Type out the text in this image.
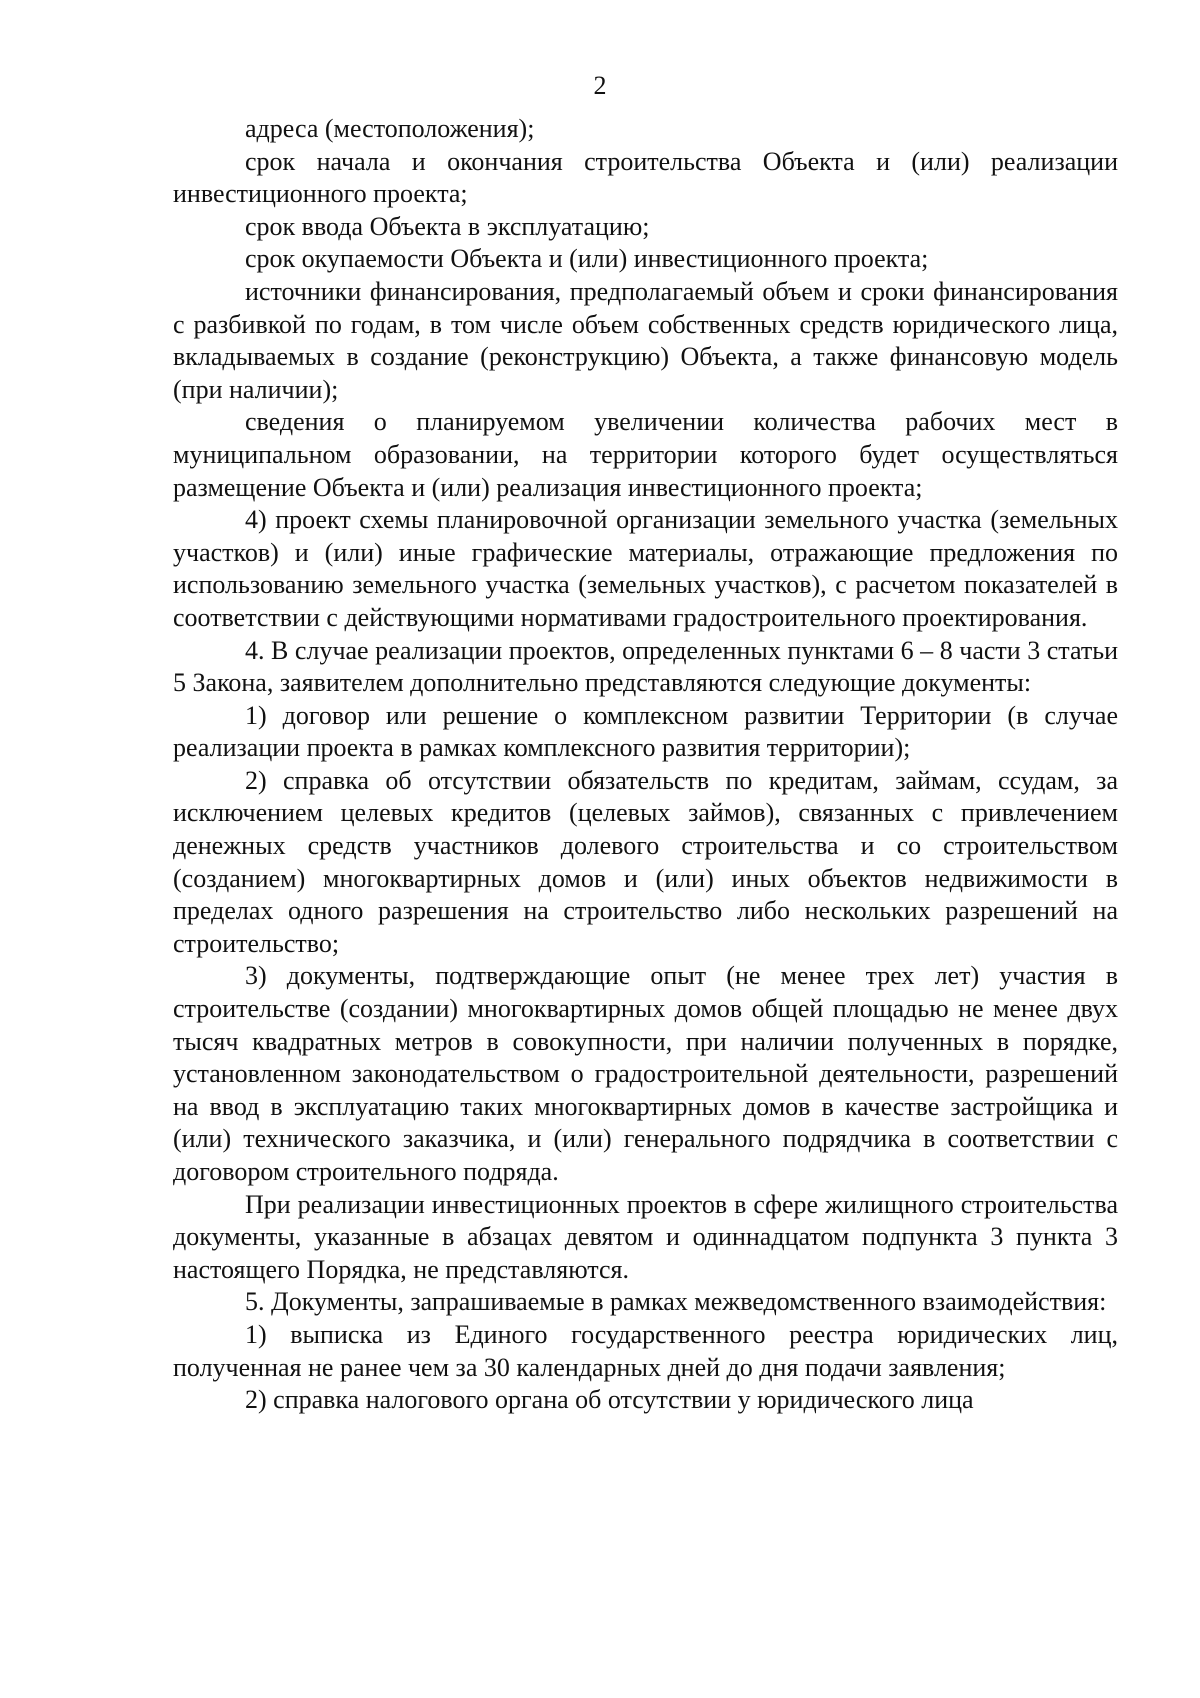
2

адреса (местоположения);

срок начала и окончания строительства Объекта и (или) реализации инвестиционного проекта;

срок ввода Объекта в эксплуатацию;

срок окупаемости Объекта и (или) инвестиционного проекта;

источники финансирования, предполагаемый объем и сроки финансирования с разбивкой по годам, в том числе объем собственных средств юридического лица, вкладываемых в создание (реконструкцию) Объекта, а также финансовую модель (при наличии);

сведения о планируемом увеличении количества рабочих мест в муниципальном образовании, на территории которого будет осуществляться размещение Объекта и (или) реализация инвестиционного проекта;

4) проект схемы планировочной организации земельного участка (земельных участков) и (или) иные графические материалы, отражающие предложения по использованию земельного участка (земельных участков), с расчетом показателей в соответствии с действующими нормативами градостроительного проектирования.

4. В случае реализации проектов, определенных пунктами 6 – 8 части 3 статьи 5 Закона, заявителем дополнительно представляются следующие документы:

1) договор или решение о комплексном развитии Территории (в случае реализации проекта в рамках комплексного развития территории);

2) справка об отсутствии обязательств по кредитам, займам, ссудам, за исключением целевых кредитов (целевых займов), связанных с привлечением денежных средств участников долевого строительства и со строительством (созданием) многоквартирных домов и (или) иных объектов недвижимости в пределах одного разрешения на строительство либо нескольких разрешений на строительство;

3) документы, подтверждающие опыт (не менее трех лет) участия в строительстве (создании) многоквартирных домов общей площадью не менее двух тысяч квадратных метров в совокупности, при наличии полученных в порядке, установленном законодательством о градостроительной деятельности, разрешений на ввод в эксплуатацию таких многоквартирных домов в качестве застройщика и (или) технического заказчика, и (или) генерального подрядчика в соответствии с договором строительного подряда.

При реализации инвестиционных проектов в сфере жилищного строительства документы, указанные в абзацах девятом и одиннадцатом подпункта 3 пункта 3 настоящего Порядка, не представляются.

5. Документы, запрашиваемые в рамках межведомственного взаимодействия:

1) выписка из Единого государственного реестра юридических лиц, полученная не ранее чем за 30 календарных дней до дня подачи заявления;

2) справка налогового органа об отсутствии у юридического лица
